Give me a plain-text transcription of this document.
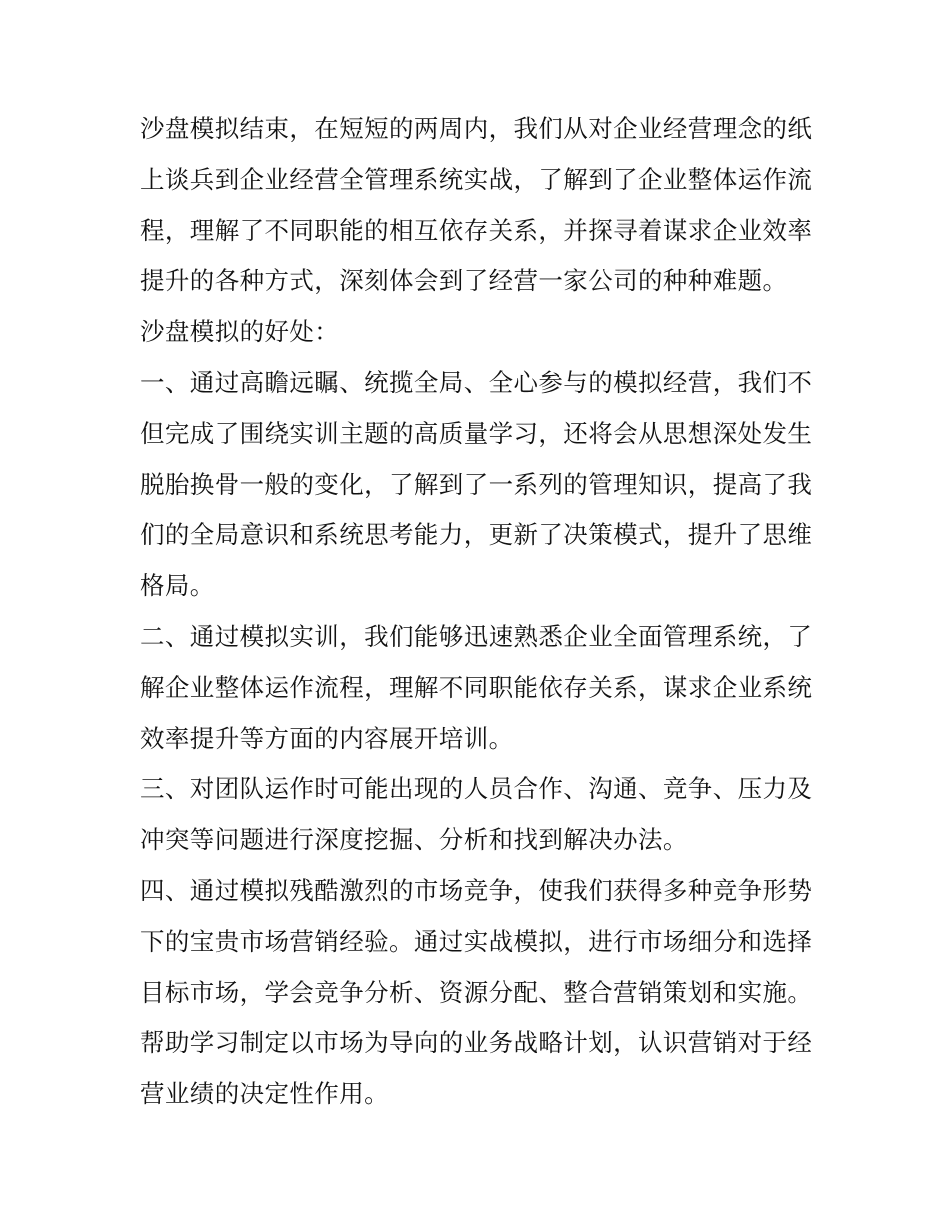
沙盘模拟结束，在短短的两周内，我们从对企业经营理念的纸
上谈兵到企业经营全管理系统实战，了解到了企业整体运作流
程，理解了不同职能的相互依存关系，并探寻着谋求企业效率
提升的各种方式，深刻体会到了经营一家公司的种种难题。
沙盘模拟的好处：
一、通过高瞻远瞩、统揽全局、全心参与的模拟经营，我们不
但完成了围绕实训主题的高质量学习，还将会从思想深处发生
脱胎换骨一般的变化，了解到了一系列的管理知识，提高了我
们的全局意识和系统思考能力，更新了决策模式，提升了思维
格局。
二、通过模拟实训，我们能够迅速熟悉企业全面管理系统，了
解企业整体运作流程，理解不同职能依存关系，谋求企业系统
效率提升等方面的内容展开培训。
三、对团队运作时可能出现的人员合作、沟通、竞争、压力及
冲突等问题进行深度挖掘、分析和找到解决办法。
四、通过模拟残酷激烈的市场竞争，使我们获得多种竞争形势
下的宝贵市场营销经验。通过实战模拟，进行市场细分和选择
目标市场，学会竞争分析、资源分配、整合营销策划和实施。
帮助学习制定以市场为导向的业务战略计划，认识营销对于经
营业绩的决定性作用。
